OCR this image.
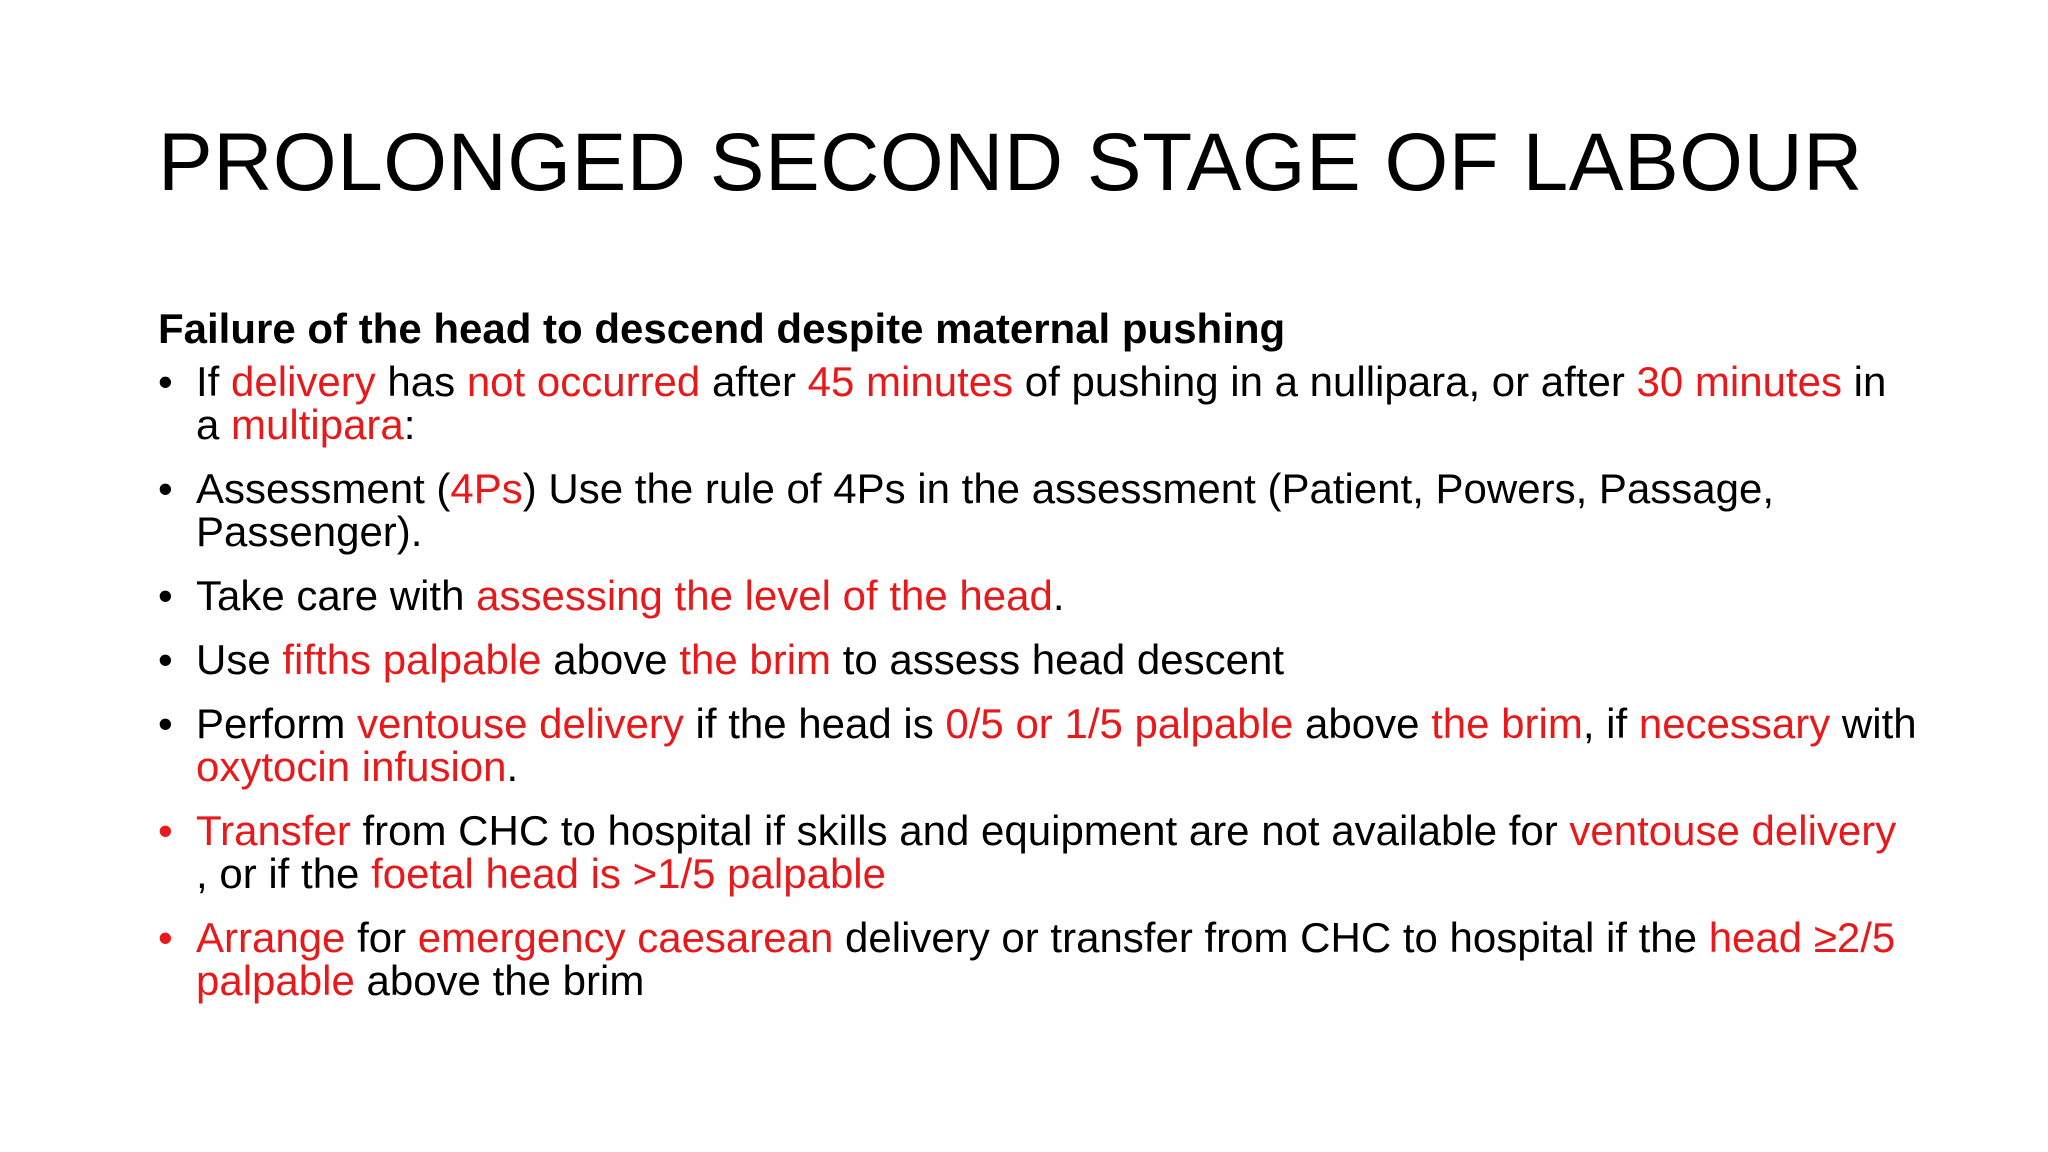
PROLONGED SECOND STAGE OF LABOUR
Failure of the head to descend despite maternal pushing
• If delivery has not occurred after 45 minutes of pushing in a nullipara, or after 30 minutes in a multipara:
• Assessment (4Ps) Use the rule of 4Ps in the assessment (Patient, Powers, Passage, Passenger).
• Take care with assessing the level of the head.
• Use fifths palpable above the brim to assess head descent
• Perform ventouse delivery if the head is 0/5 or 1/5 palpable above the brim, if necessary with oxytocin infusion.
• Transfer from CHC to hospital if skills and equipment are not available for ventouse delivery , or if the foetal head is >1/5 palpable
• Arrange for emergency caesarean delivery or transfer from CHC to hospital if the head ≥2/5 palpable above the brim
